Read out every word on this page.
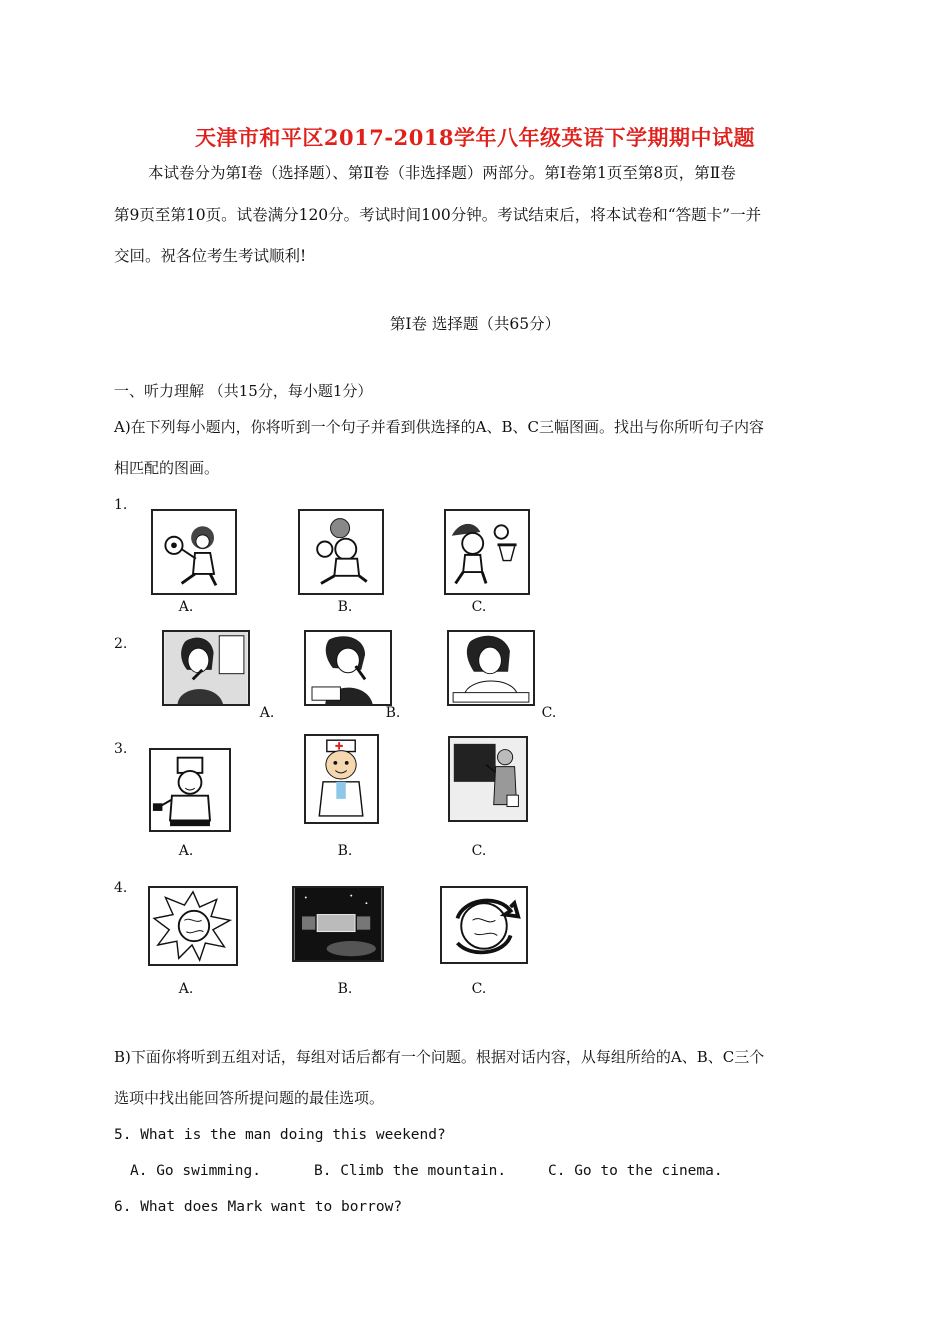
天津市和平区2017-2018学年八年级英语下学期期中试题
本试卷分为第Ⅰ卷（选择题）、第Ⅱ卷（非选择题）两部分。第Ⅰ卷第1页至第8页，第Ⅱ卷
第9页至第10页。试卷满分120分。考试时间100分钟。考试结束后，将本试卷和“答题卡”一并
交回。祝各位考生考试顺利!
第Ⅰ卷 选择题（共65分）
一、听力理解 （共15分，每小题1分）
A)在下列每小题内，你将听到一个句子并看到供选择的A、B、C三幅图画。找出与你所听句子内容
相匹配的图画。
1.
A.	B.	C.
2.
A.	B.	C.
3.
A.	B.	C.
4.
A.	B.	C.
B)下面你将听到五组对话，每组对话后都有一个问题。根据对话内容，从每组所给的A、B、C三个
选项中找出能回答所提问题的最佳选项。
5. What is the man doing this weekend?
A. Go swimming.	B. Climb the mountain.	C. Go to the cinema.
6. What does Mark want to borrow?
